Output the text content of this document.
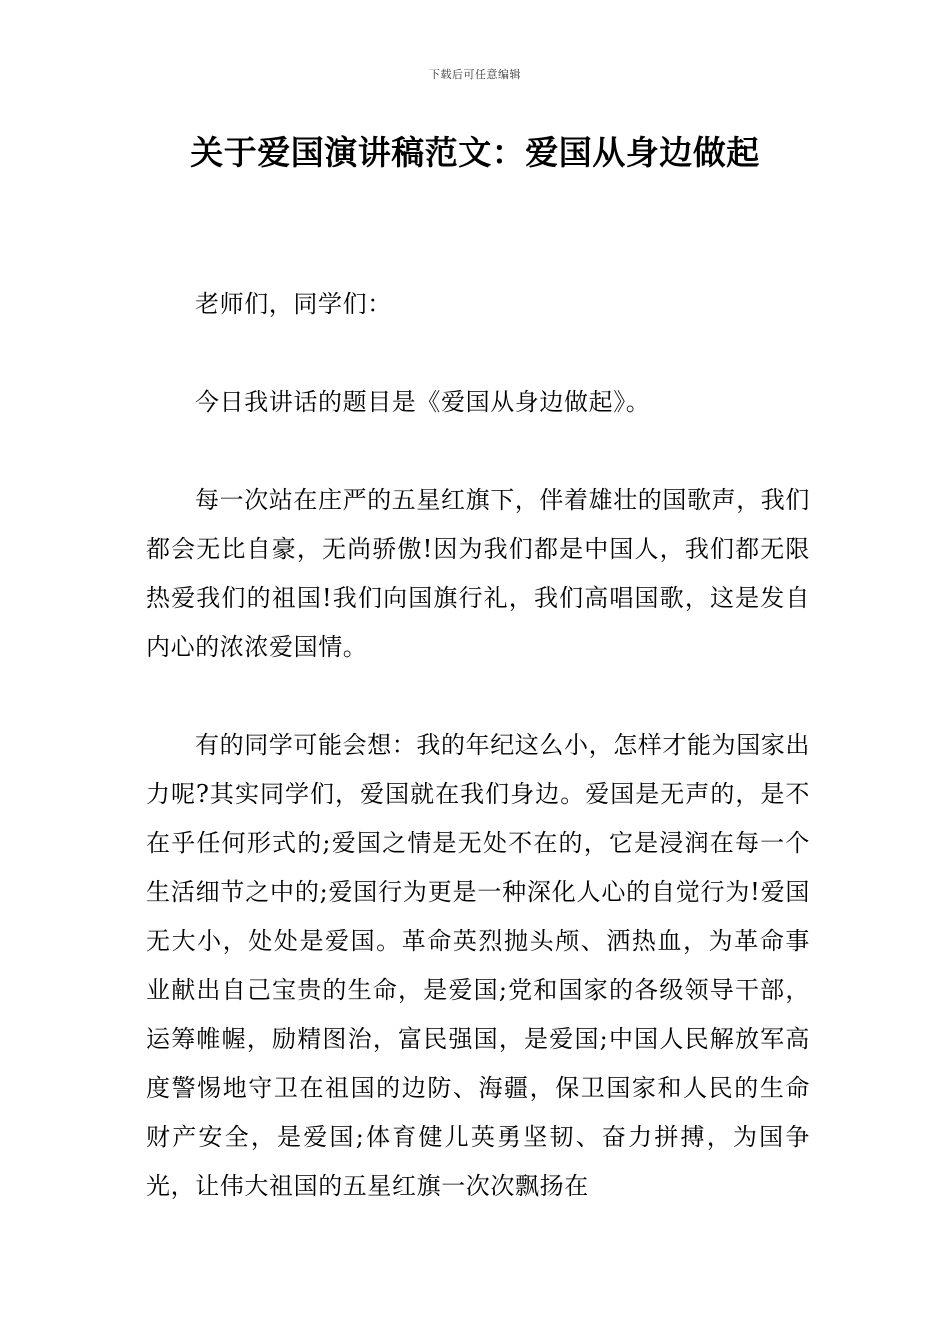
下载后可任意编辑
关于爱国演讲稿范文：爱国从身边做起

老师们，同学们：

今日我讲话的题目是《爱国从身边做起》。

每一次站在庄严的五星红旗下，伴着雄壮的国歌声，我们都会无比自豪，无尚骄傲!因为我们都是中国人，我们都无限热爱我们的祖国!我们向国旗行礼，我们高唱国歌，这是发自内心的浓浓爱国情。

有的同学可能会想：我的年纪这么小，怎样才能为国家出力呢?其实同学们，爱国就在我们身边。爱国是无声的，是不在乎任何形式的;爱国之情是无处不在的，它是浸润在每一个生活细节之中的;爱国行为更是一种深化人心的自觉行为!爱国无大小，处处是爱国。革命英烈抛头颅、洒热血，为革命事业献出自己宝贵的生命，是爱国;党和国家的各级领导干部，运筹帷幄，励精图治，富民强国，是爱国;中国人民解放军高度警惕地守卫在祖国的边防、海疆，保卫国家和人民的生命财产安全，是爱国;体育健儿英勇坚韧、奋力拼搏，为国争光，让伟大祖国的五星红旗一次次飘扬在
